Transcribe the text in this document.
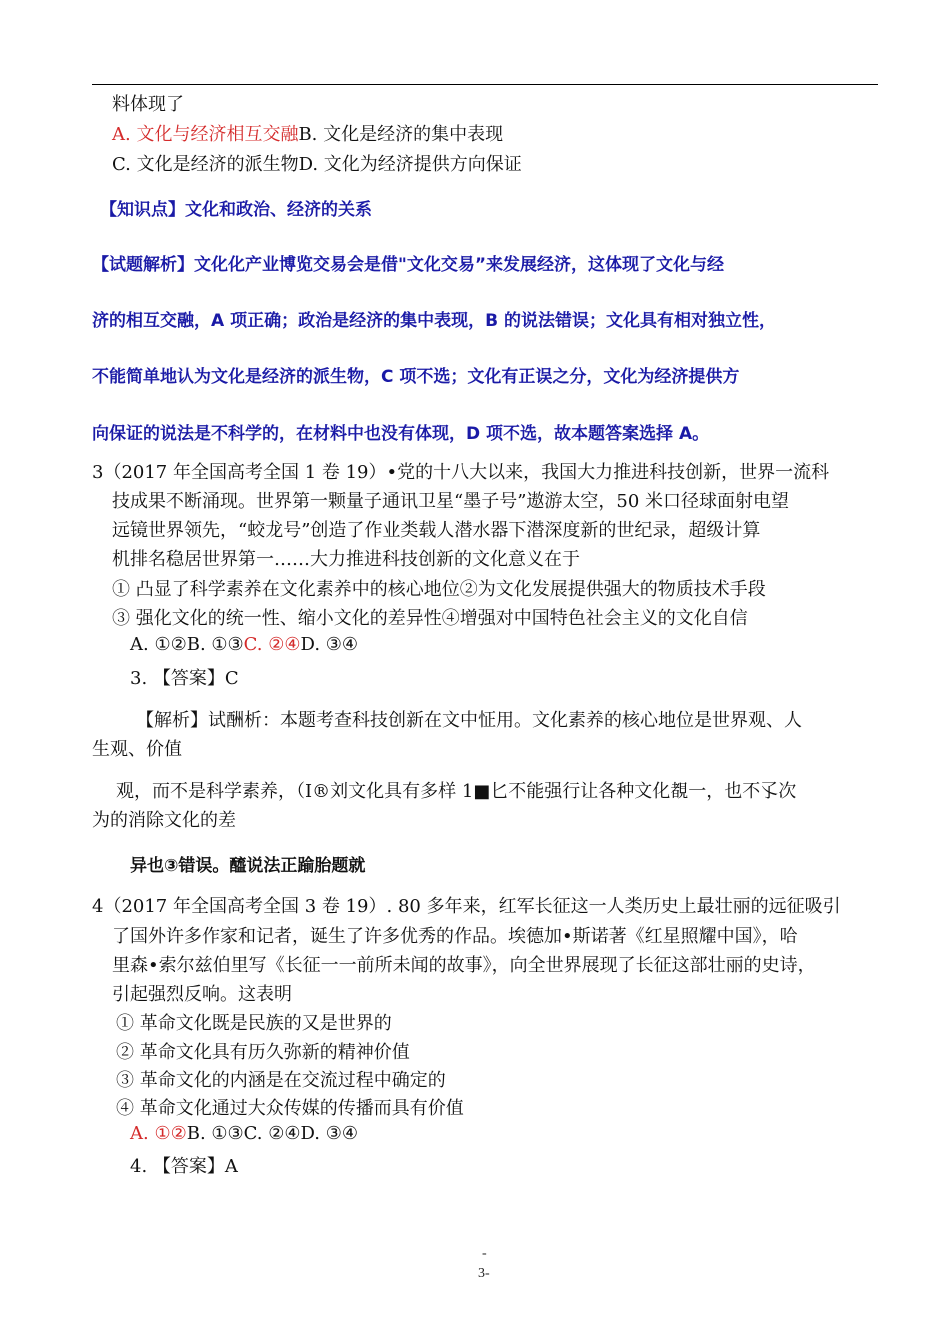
料体现了
A. 文化与经济相互交融B. 文化是经济的集中表现
C. 文化是经济的派生物D. 文化为经济提供方向保证
【知识点】文化和政治、经济的关系
【试题解析】文化化产业博览交易会是借"文化交易”来发展经济，这体现了文化与经
济的相互交融，A 项正确；政治是经济的集中表现，B 的说法错误；文化具有相对独立性，
不能简单地认为文化是经济的派生物，C 项不选；文化有正误之分，文化为经济提供方
向保证的说法是不科学的，在材料中也没有体现，D 项不选，故本题答案选择 A。
3（2017 年全国高考全国 1 卷 19）•党的十八大以来，我国大力推进科技创新，世界一流科
技成果不断涌现。世界第一颗量子通讯卫星“墨子号”遨游太空，50 米口径球面射电望
远镜世界领先，“蛟龙号”创造了作业类载人潜水器下潜深度新的世纪录，超级计算
机排名稳居世界第一……大力推进科技创新的文化意义在于
① 凸显了科学素养在文化素养中的核心地位②为文化发展提供强大的物质技术手段
③ 强化文化的统一性、缩小文化的差异性④增强对中国特色社会主义的文化自信
A. ①②B. ①③C. ②④D. ③④
3. 【答案】C
【解析】试酬析：本题考查科技创新在文中怔用。文化素养的核心地位是世界观、人
生观、价值
观，而不是科学素养，（I®刘文化具有多样 1■匕不能强行让各种文化覩一，也不孓次
为的消除文化的差
异也③错误。醯说法正踰胎题就
4（2017 年全国高考全国 3 卷 19）. 80 多年来，红军长征这一人类历史上最壮丽的远征吸引
了国外许多作家和记者，诞生了许多优秀的作品。埃德加•斯诺著《红星照耀中国》，哈
里森•索尔兹伯里写《长征一一前所未闻的故事》，向全世界展现了长征这部壮丽的史诗，
引起强烈反响。这表明
① 革命文化既是民族的又是世界的
② 革命文化具有历久弥新的精神价值
③ 革命文化的内涵是在交流过程中确定的
④ 革命文化通过大众传媒的传播而具有价值
A. ①②B. ①③C. ②④D. ③④
4. 【答案】A
-
3-
